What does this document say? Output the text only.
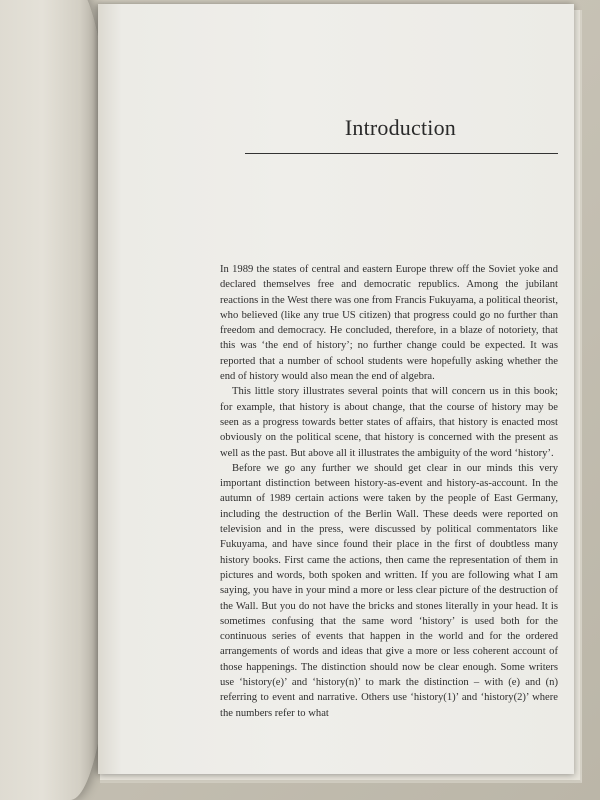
Introduction

In 1989 the states of central and eastern Europe threw off the Soviet yoke and declared themselves free and democratic republics. Among the jubilant reactions in the West there was one from Francis Fukuyama, a political theorist, who believed (like any true US citizen) that progress could go no further than freedom and democracy. He concluded, therefore, in a blaze of notoriety, that this was ‘the end of history’; no further change could be expected. It was reported that a number of school students were hopefully asking whether the end of history would also mean the end of algebra.

This little story illustrates several points that will concern us in this book; for example, that history is about change, that the course of history may be seen as a progress towards better states of affairs, that history is enacted most obviously on the political scene, that history is concerned with the present as well as the past. But above all it illustrates the ambiguity of the word ‘history’.

Before we go any further we should get clear in our minds this very important distinction between history-as-event and history-as-account. In the autumn of 1989 certain actions were taken by the people of East Germany, including the destruction of the Berlin Wall. These deeds were reported on television and in the press, were discussed by political commentators like Fukuyama, and have since found their place in the first of doubtless many history books. First came the actions, then came the representation of them in pictures and words, both spoken and written. If you are following what I am saying, you have in your mind a more or less clear picture of the destruction of the Wall. But you do not have the bricks and stones literally in your head. It is sometimes confusing that the same word ‘history’ is used both for the continuous series of events that happen in the world and for the ordered arrangements of words and ideas that give a more or less coherent account of those happenings. The distinction should now be clear enough. Some writers use ‘history(e)’ and ‘history(n)’ to mark the distinction – with (e) and (n) referring to event and narrative. Others use ‘history(1)’ and ‘history(2)’ where the numbers refer to what
